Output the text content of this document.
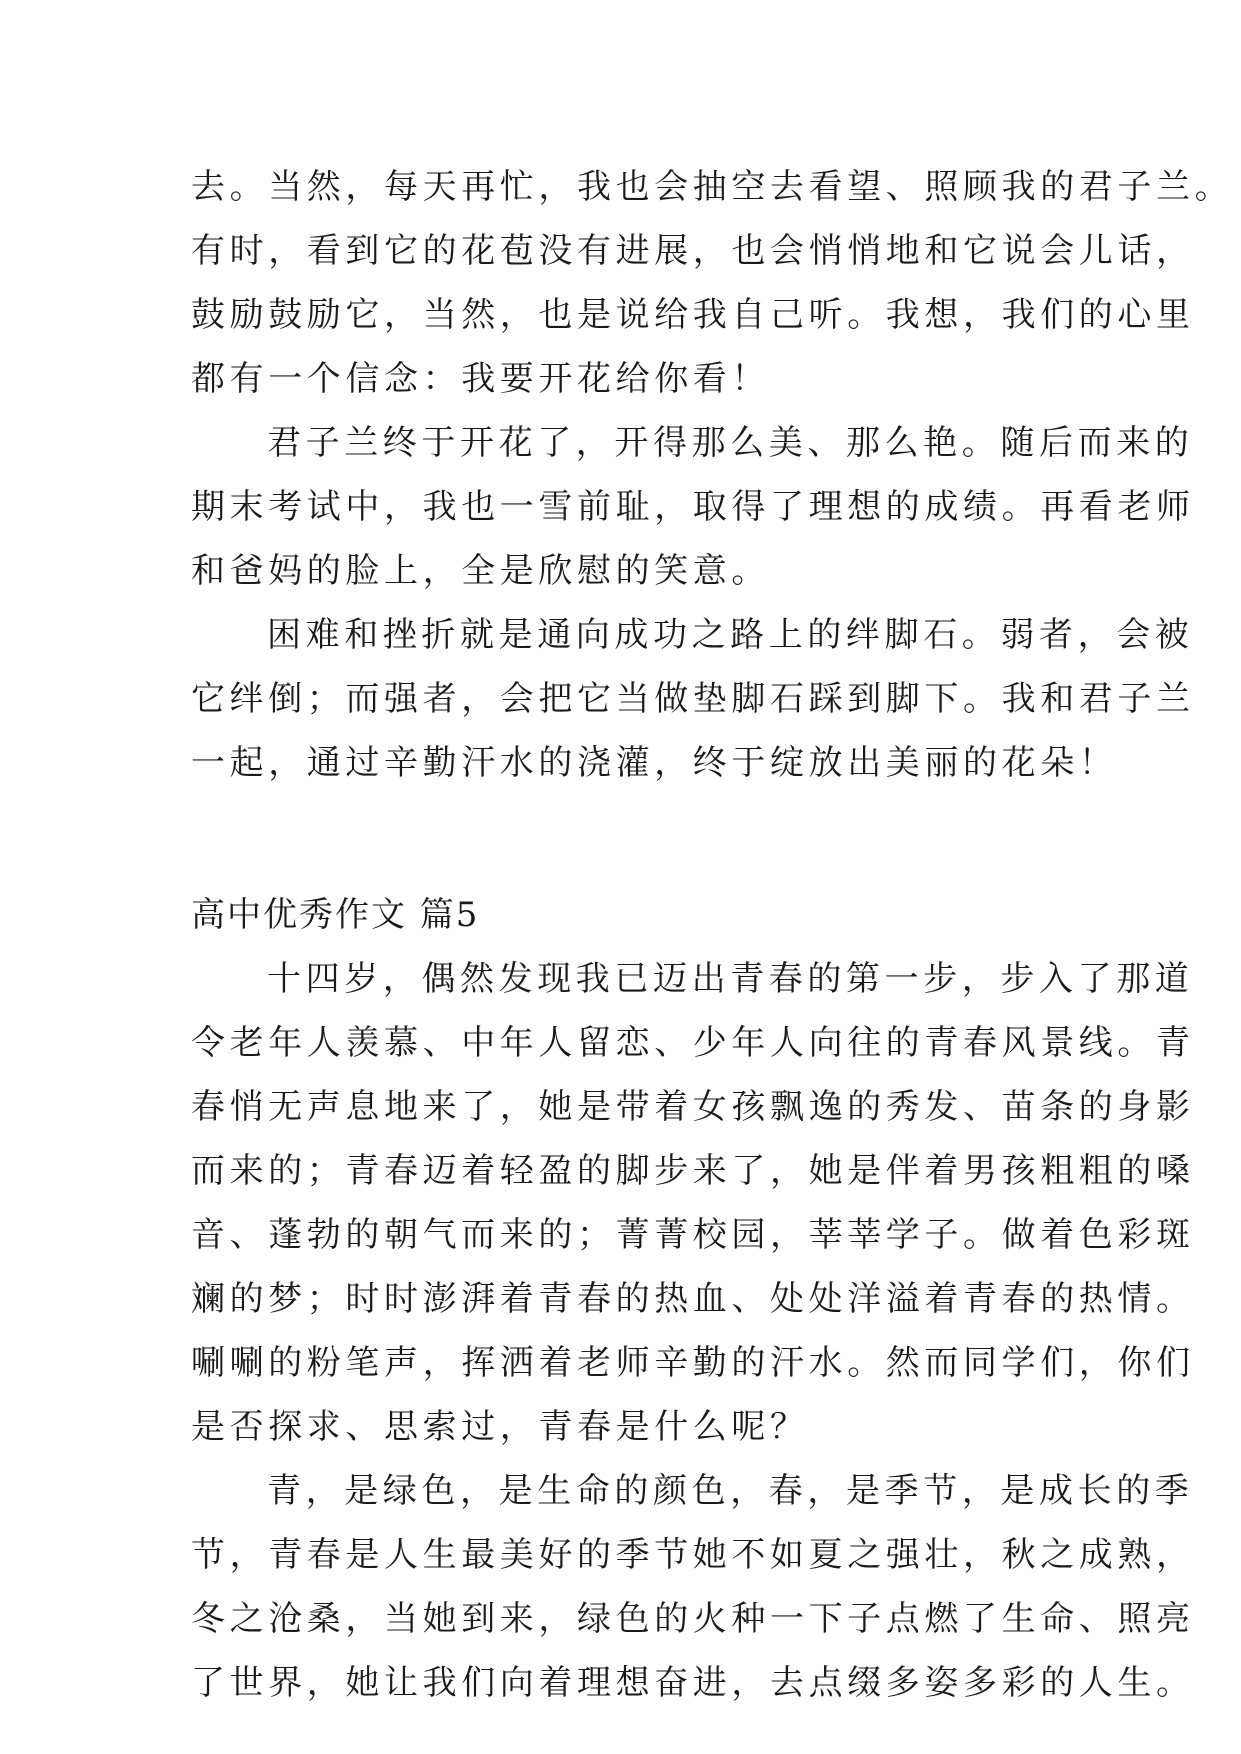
去。当然，每天再忙，我也会抽空去看望、照顾我的君子兰。
有时，看到它的花苞没有进展，也会悄悄地和它说会儿话，
鼓励鼓励它，当然，也是说给我自己听。我想，我们的心里
都有一个信念：我要开花给你看！
君子兰终于开花了，开得那么美、那么艳。随后而来的
期末考试中，我也一雪前耻，取得了理想的成绩。再看老师
和爸妈的脸上，全是欣慰的笑意。
困难和挫折就是通向成功之路上的绊脚石。弱者，会被
它绊倒；而强者，会把它当做垫脚石踩到脚下。我和君子兰
一起，通过辛勤汗水的浇灌，终于绽放出美丽的花朵！
高中优秀作文 篇5
十四岁，偶然发现我已迈出青春的第一步，步入了那道
令老年人羡慕、中年人留恋、少年人向往的青春风景线。青
春悄无声息地来了，她是带着女孩飘逸的秀发、苗条的身影
而来的；青春迈着轻盈的脚步来了，她是伴着男孩粗粗的嗓
音、蓬勃的朝气而来的；菁菁校园，莘莘学子。做着色彩斑
斓的梦；时时澎湃着青春的热血、处处洋溢着青春的热情。
唰唰的粉笔声，挥洒着老师辛勤的汗水。然而同学们，你们
是否探求、思索过，青春是什么呢？
青，是绿色，是生命的颜色，春，是季节，是成长的季
节，青春是人生最美好的季节她不如夏之强壮，秋之成熟，
冬之沧桑，当她到来，绿色的火种一下子点燃了生命、照亮
了世界，她让我们向着理想奋进，去点缀多姿多彩的人生。
